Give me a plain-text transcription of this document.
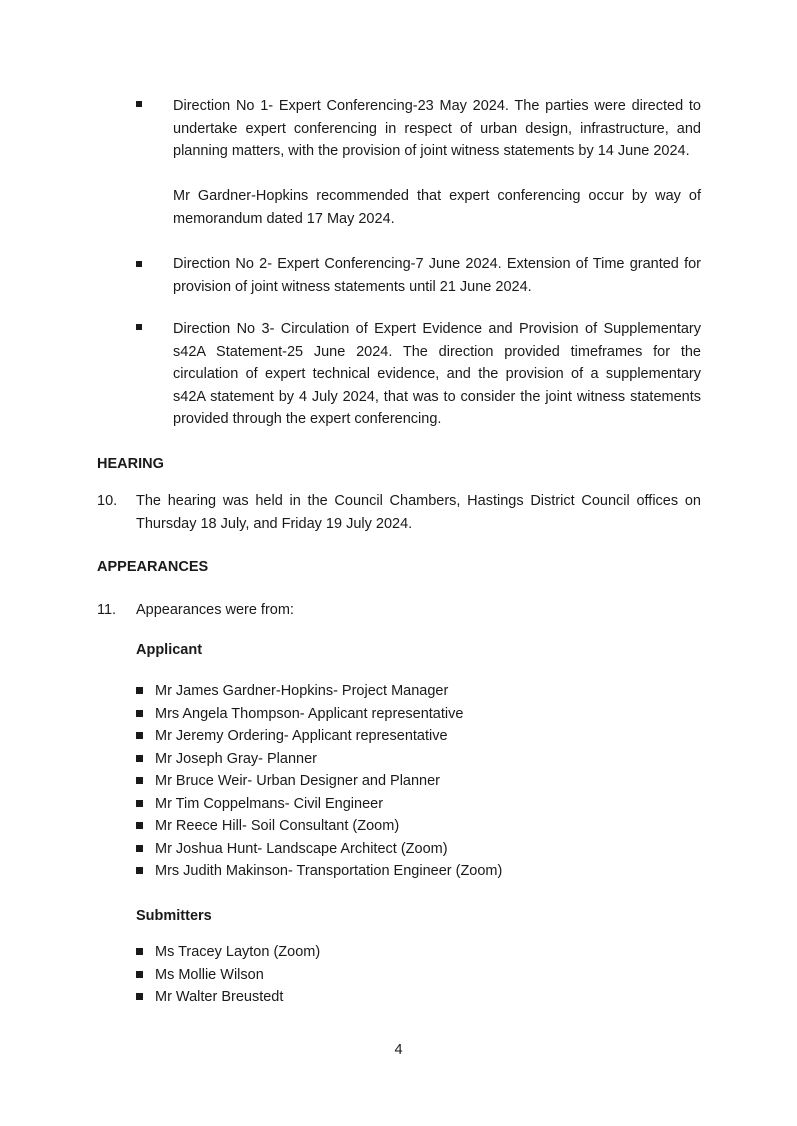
Direction No 1- Expert Conferencing-23 May 2024. The parties were directed to undertake expert conferencing in respect of urban design, infrastructure, and planning matters, with the provision of joint witness statements by 14 June 2024.
Mr Gardner-Hopkins recommended that expert conferencing occur by way of memorandum dated 17 May 2024.
Direction No 2- Expert Conferencing-7 June 2024. Extension of Time granted for provision of joint witness statements until 21 June 2024.
Direction No 3- Circulation of Expert Evidence and Provision of Supplementary s42A Statement-25 June 2024. The direction provided timeframes for the circulation of expert technical evidence, and the provision of a supplementary s42A statement by 4 July 2024, that was to consider the joint witness statements provided through the expert conferencing.
HEARING
10. The hearing was held in the Council Chambers, Hastings District Council offices on Thursday 18 July, and Friday 19 July 2024.
APPEARANCES
11. Appearances were from:
Applicant
Mr James Gardner-Hopkins- Project Manager
Mrs Angela Thompson- Applicant representative
Mr Jeremy Ordering- Applicant representative
Mr Joseph Gray- Planner
Mr Bruce Weir- Urban Designer and Planner
Mr Tim Coppelmans- Civil Engineer
Mr Reece Hill- Soil Consultant (Zoom)
Mr Joshua Hunt- Landscape Architect (Zoom)
Mrs Judith Makinson- Transportation Engineer (Zoom)
Submitters
Ms Tracey Layton (Zoom)
Ms Mollie Wilson
Mr Walter Breustedt
4
